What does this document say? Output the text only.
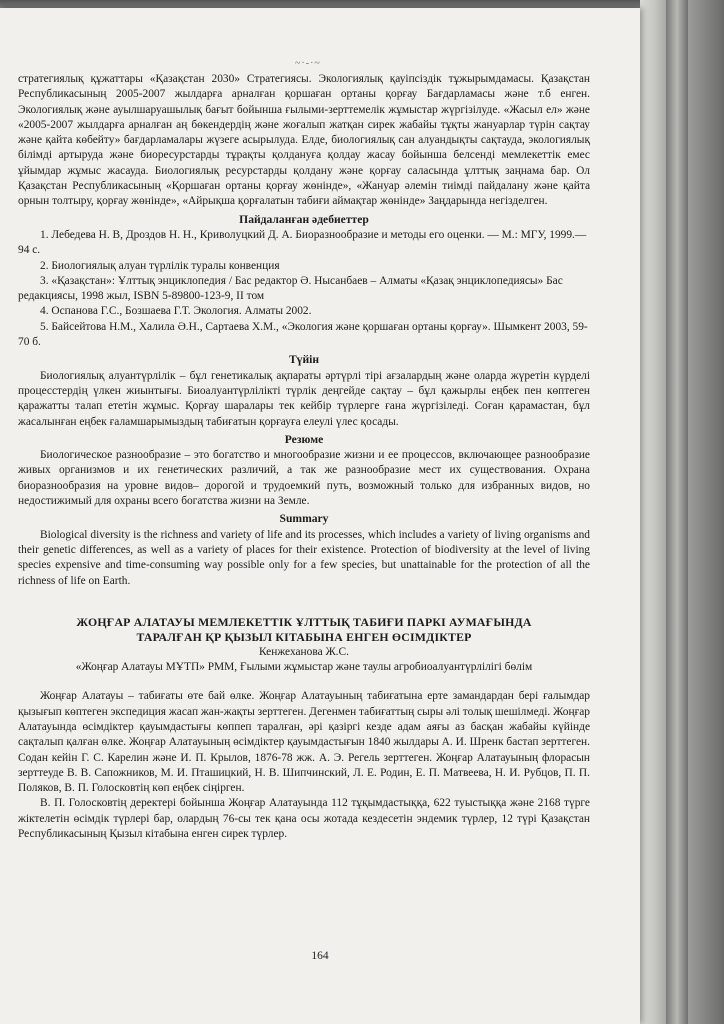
~·-·~

стратегиялық құжаттары «Қазақстан 2030» Стратегиясы. Экологиялық қауіпсіздік тұжырымдамасы. Қазақстан Республикасының 2005-2007 жылдарға арналған қоршаған ортаны қорғау Бағдарламасы және т.б енген. Экологиялық және ауылшаруашылық бағыт бойынша ғылыми-зерттемелік жұмыстар жүргізілуде. «Жасыл ел» және «2005-2007 жылдарға арналған аң бөкендердің және жоғалып жатқан сирек жабайы тұқты жануарлар түрін сақтау және қайта көбейту» бағдарламалары жүзеге асырылуда. Елде, биологиялық сан алуандықты сақтауда, экологиялық білімді артыруда және биоресурстарды тұрақты қолдануға қолдау жасау бойынша белсенді мемлекеттік емес ұйымдар жұмыс жасауда. Биологиялық ресурстарды қолдану және қорғау саласында ұлттық заңнама бар. Ол Қазақстан Республикасының «Қоршаған ортаны қорғау жөнінде», «Жануар әлемін тиімді пайдалану және қайта орнын толтыру, қорғау жөнінде», «Айрықша қорғалатын табиғи аймақтар жөнінде» Заңдарында негізделген.

Пайдаланған әдебиеттер

1. Лебедева Н. В, Дроздов Н. Н., Криволуцкий Д. А. Биоразнообразие и методы его оценки. — М.: МГУ, 1999.— 94 с.

2. Биологиялық алуан түрлілік туралы конвенция

3. «Қазақстан»: Ұлттық энциклопедия / Бас редактор Ә. Нысанбаев – Алматы «Қазақ энциклопедиясы» Бас редакциясы, 1998 жыл, ISBN 5-89800-123-9, II том

4. Оспанова Г.С., Бозшаева Г.Т. Экология. Алматы 2002.

5. Байсейтова Н.М., Халила Ә.Н., Сартаева Х.М., «Экология және қоршаған ортаны қорғау». Шымкент 2003, 59-70 б.

Түйін

Биологиялық алуантүрлілік – бұл генетикалық ақпараты әртүрлі тірі ағзалардың және оларда жүретін күрделі процесстердің үлкен жиынтығы. Биоалуантүрлілікті түрлік деңгейде сақтау – бұл қажырлы еңбек пен көптеген қаражатты талап ететін жұмыс. Қорғау шаралары тек кейбір түрлерге ғана жүргізіледі. Соған қарамастан, бұл жасалынған еңбек ғаламшарымыздың табиғатын қорғауға елеулі үлес қосады.

Резюме

Биологическое разнообразие – это богатство и многообразие жизни и ее процессов, включающее разнообразие живых организмов и их генетических различий, а так же разнообразие мест их существования. Охрана биоразнообразия на уровне видов– дорогой и трудоемкий путь, возможный только для избранных видов, но недостижимый для охраны всего богатства жизни на Земле.

Summary

Biological diversity is the richness and variety of life and its processes, which includes a variety of living organisms and their genetic differences, as well as a variety of places for their existence. Protection of biodiversity at the level of living species expensive and time-consuming way possible only for a few species, but unattainable for the protection of all the richness of life on Earth.

ЖОҢҒАР АЛАТАУЫ МЕМЛЕКЕТТІК ҰЛТТЫҚ ТАБИҒИ ПАРКІ АУМАҒЫНДА

ТАРАЛҒАН ҚР ҚЫЗЫЛ КІТАБЫНА ЕНГЕН ӨСІМДІКТЕР

Кенжеханова Ж.С.

«Жоңғар Алатауы МҰТП» РММ, Ғылыми жұмыстар және таулы агробиоалуантүрлілігі бөлім

Жоңғар Алатауы – табиғаты өте бай өлке. Жоңғар Алатауының табиғатына ерте замандардан бері ғалымдар қызығып көптеген экспедиция жасап жан-жақты зерттеген. Дегенмен табиғаттың сыры әлі толық шешілмеді. Жоңғар Алатауында өсімдіктер қауымдастығы көппеп таралған, әрі қазіргі кезде адам аяғы аз басқан жабайы күйінде сақталып қалған өлке. Жоңғар Алатауының өсімдіктер қауымдастығын 1840 жылдары А. И. Шренк бастап зерттеген. Содан кейін Г. С. Карелин және И. П. Крылов, 1876-78 жж. А. Э. Регель зерттеген. Жоңғар Алатауының флорасын зерттеуде В. В. Сапожников, М. И. Пташицкий, Н. В. Шипчинский, Л. Е. Родин, Е. П. Матвеева, Н. И. Рубцов, П. П. Поляков, В. П. Голосковтің көп еңбек сіңірген.

В. П. Голосковтің деректері бойынша Жоңғар Алатауында 112 тұқымдастыққа, 622 туыстыққа және 2168 түрге жіктелетін өсімдік түрлері бар, олардың 76-сы тек қана осы жотада кездесетін эндемик түрлер, 12 түрі Қазақстан Республикасының Қызыл кітабына енген сирек түрлер.

164
